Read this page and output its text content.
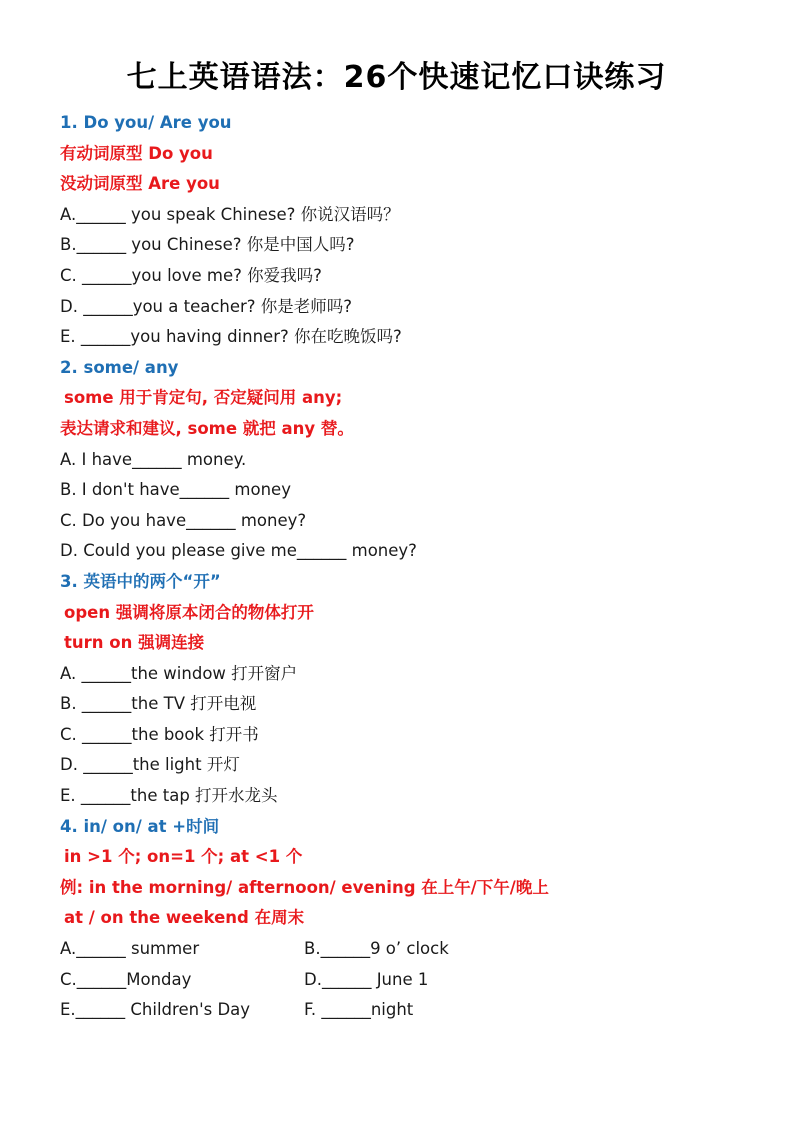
七上英语语法：26个快速记忆口诀练习
1. Do you/ Are you
有动词原型 Do you
没动词原型 Are you
A.______ you speak Chinese? 你说汉语吗？
B.______ you Chinese? 你是中国人吗?
C. ______you love me? 你爱我吗?
D. ______you a teacher? 你是老师吗?
E. ______you having dinner? 你在吃晚饭吗?
2. some/ any
some 用于肯定句, 否定疑问用 any;
表达请求和建议, some 就把 any 替。
A. I have______ money.
B. I don't have______ money
C. Do you have______ money?
D. Could you please give me______ money?
3. 英语中的两个“开”
open 强调将原本闭合的物体打开
turn on 强调连接
A. ______the window 打开窗户
B. ______the TV 打开电视
C. ______the book 打开书
D. ______the light 开灯
E. ______the tap 打开水龙头
4. in/ on/ at +时间
in >1 个; on=1 个; at <1 个
例: in the morning/ afternoon/ evening 在上午/下午/晚上
at / on the weekend 在周末
A.______ summer	B.______9 o’ clock
C.______Monday	D.______ June 1
E.______ Children's Day	F. ______night
